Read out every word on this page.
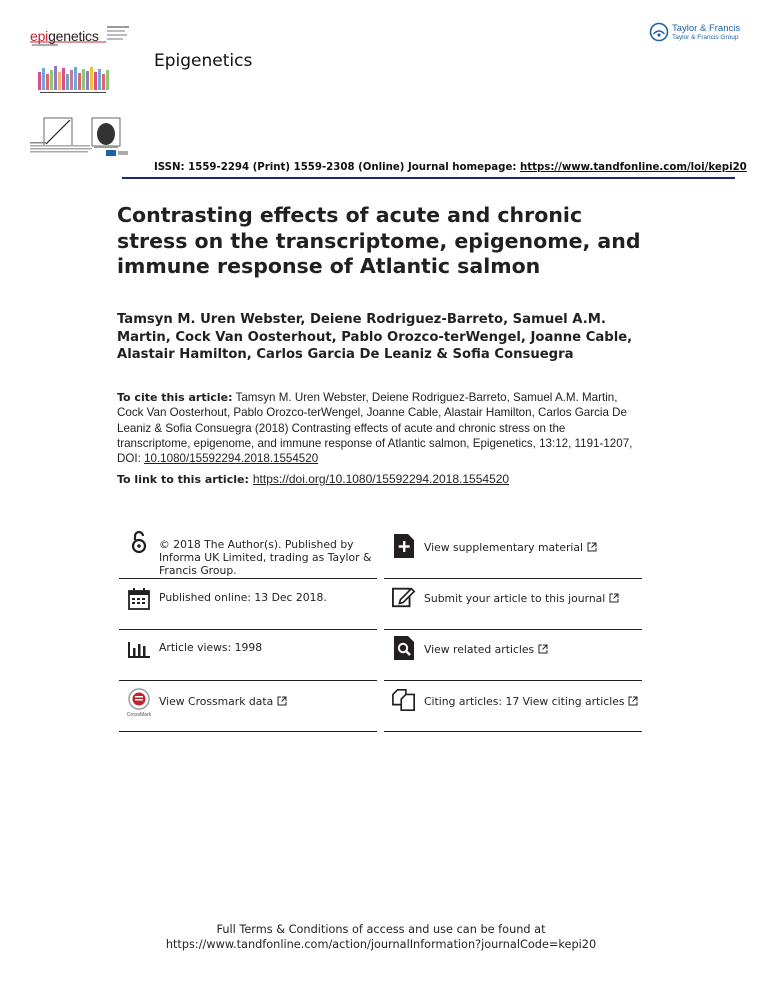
epigenetics
Epigenetics
Taylor & Francis
Taylor & Francis Group
ISSN: 1559-2294 (Print) 1559-2308 (Online) Journal homepage: https://www.tandfonline.com/loi/kepi20
Contrasting effects of acute and chronic stress on the transcriptome, epigenome, and immune response of Atlantic salmon
Tamsyn M. Uren Webster, Deiene Rodriguez-Barreto, Samuel A.M. Martin, Cock Van Oosterhout, Pablo Orozco-terWengel, Joanne Cable, Alastair Hamilton, Carlos Garcia De Leaniz & Sofia Consuegra
To cite this article: Tamsyn M. Uren Webster, Deiene Rodriguez-Barreto, Samuel A.M. Martin, Cock Van Oosterhout, Pablo Orozco-terWengel, Joanne Cable, Alastair Hamilton, Carlos Garcia De Leaniz & Sofia Consuegra (2018) Contrasting effects of acute and chronic stress on the transcriptome, epigenome, and immune response of Atlantic salmon, Epigenetics, 13:12, 1191-1207, DOI: 10.1080/15592294.2018.1554520
To link to this article: https://doi.org/10.1080/15592294.2018.1554520
© 2018 The Author(s). Published by Informa UK Limited, trading as Taylor & Francis Group.
Published online: 13 Dec 2018.
Article views: 1998
CrossMark
View Crossmark data
View supplementary material
Submit your article to this journal
View related articles
Citing articles: 17 View citing articles
Full Terms & Conditions of access and use can be found at
https://www.tandfonline.com/action/journalInformation?journalCode=kepi20
